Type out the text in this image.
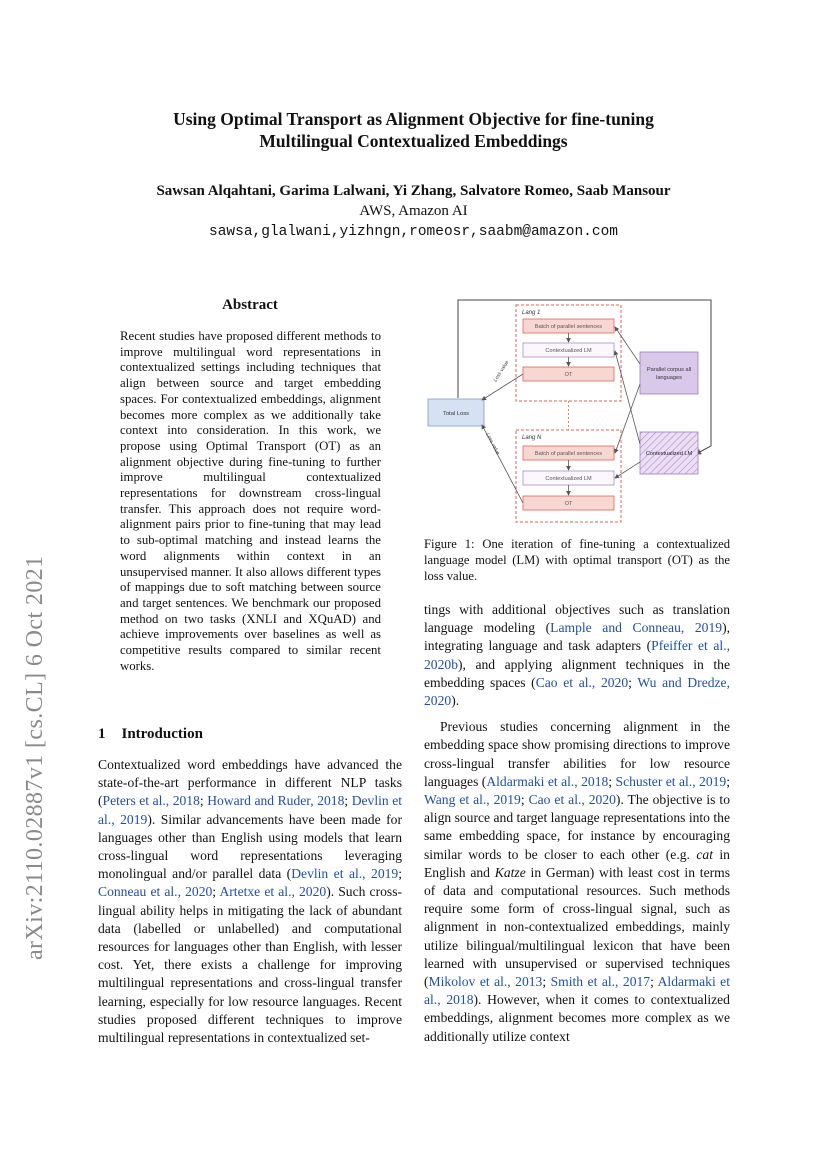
arXiv:2110.02887v1 [cs.CL] 6 Oct 2021
Using Optimal Transport as Alignment Objective for fine-tuning
Multilingual Contextualized Embeddings
Sawsan Alqahtani, Garima Lalwani, Yi Zhang, Salvatore Romeo, Saab Mansour
AWS, Amazon AI
sawsa,glalwani,yizhngn,romeosr,saabm@amazon.com
Abstract
Recent studies have proposed different methods to improve multilingual word representations in contextualized settings including techniques that align between source and target embedding spaces. For contextualized embeddings, alignment becomes more complex as we additionally take context into consideration. In this work, we propose using Optimal Transport (OT) as an alignment objective during fine-tuning to further improve multilingual contextualized representations for downstream cross-lingual transfer. This approach does not require word-alignment pairs prior to fine-tuning that may lead to sub-optimal matching and instead learns the word alignments within context in an unsupervised manner. It also allows different types of mappings due to soft matching between source and target sentences. We benchmark our proposed method on two tasks (XNLI and XQuAD) and achieve improvements over baselines as well as competitive results compared to similar recent works.
1 Introduction

Contextualized word embeddings have advanced the state-of-the-art performance in different NLP tasks (Peters et al., 2018; Howard and Ruder, 2018; Devlin et al., 2019). Similar advancements have been made for languages other than English using models that learn cross-lingual word representations leveraging monolingual and/or parallel data (Devlin et al., 2019; Conneau et al., 2020; Artetxe et al., 2020). Such cross-lingual ability helps in mitigating the lack of abundant data (labelled or unlabelled) and computational resources for languages other than English, with lesser cost. Yet, there exists a challenge for improving multilingual representations and cross-lingual transfer learning, especially for low resource languages. Recent studies proposed different techniques to improve multilingual representations in contextualized set-

Lang 1
Batch of parallel sentences
Contextualized LM
OT
Lang N
Batch of parallel sentences
Contextualized LM
OT
Total Loss
Loss value
Loss value
Parallel corpus all
languages
Contextualized LM
Figure 1: One iteration of fine-tuning a contextualized language model (LM) with optimal transport (OT) as the loss value.

tings with additional objectives such as translation language modeling (Lample and Conneau, 2019), integrating language and task adapters (Pfeiffer et al., 2020b), and applying alignment techniques in the embedding spaces (Cao et al., 2020; Wu and Dredze, 2020).

Previous studies concerning alignment in the embedding space show promising directions to improve cross-lingual transfer abilities for low resource languages (Aldarmaki et al., 2018; Schuster et al., 2019; Wang et al., 2019; Cao et al., 2020). The objective is to align source and target language representations into the same embedding space, for instance by encouraging similar words to be closer to each other (e.g. cat in English and Katze in German) with least cost in terms of data and computational resources. Such methods require some form of cross-lingual signal, such as alignment in non-contextualized embeddings, mainly utilize bilingual/multilingual lexicon that have been learned with unsupervised or supervised techniques (Mikolov et al., 2013; Smith et al., 2017; Aldarmaki et al., 2018). However, when it comes to contextualized embeddings, alignment becomes more complex as we additionally utilize context
